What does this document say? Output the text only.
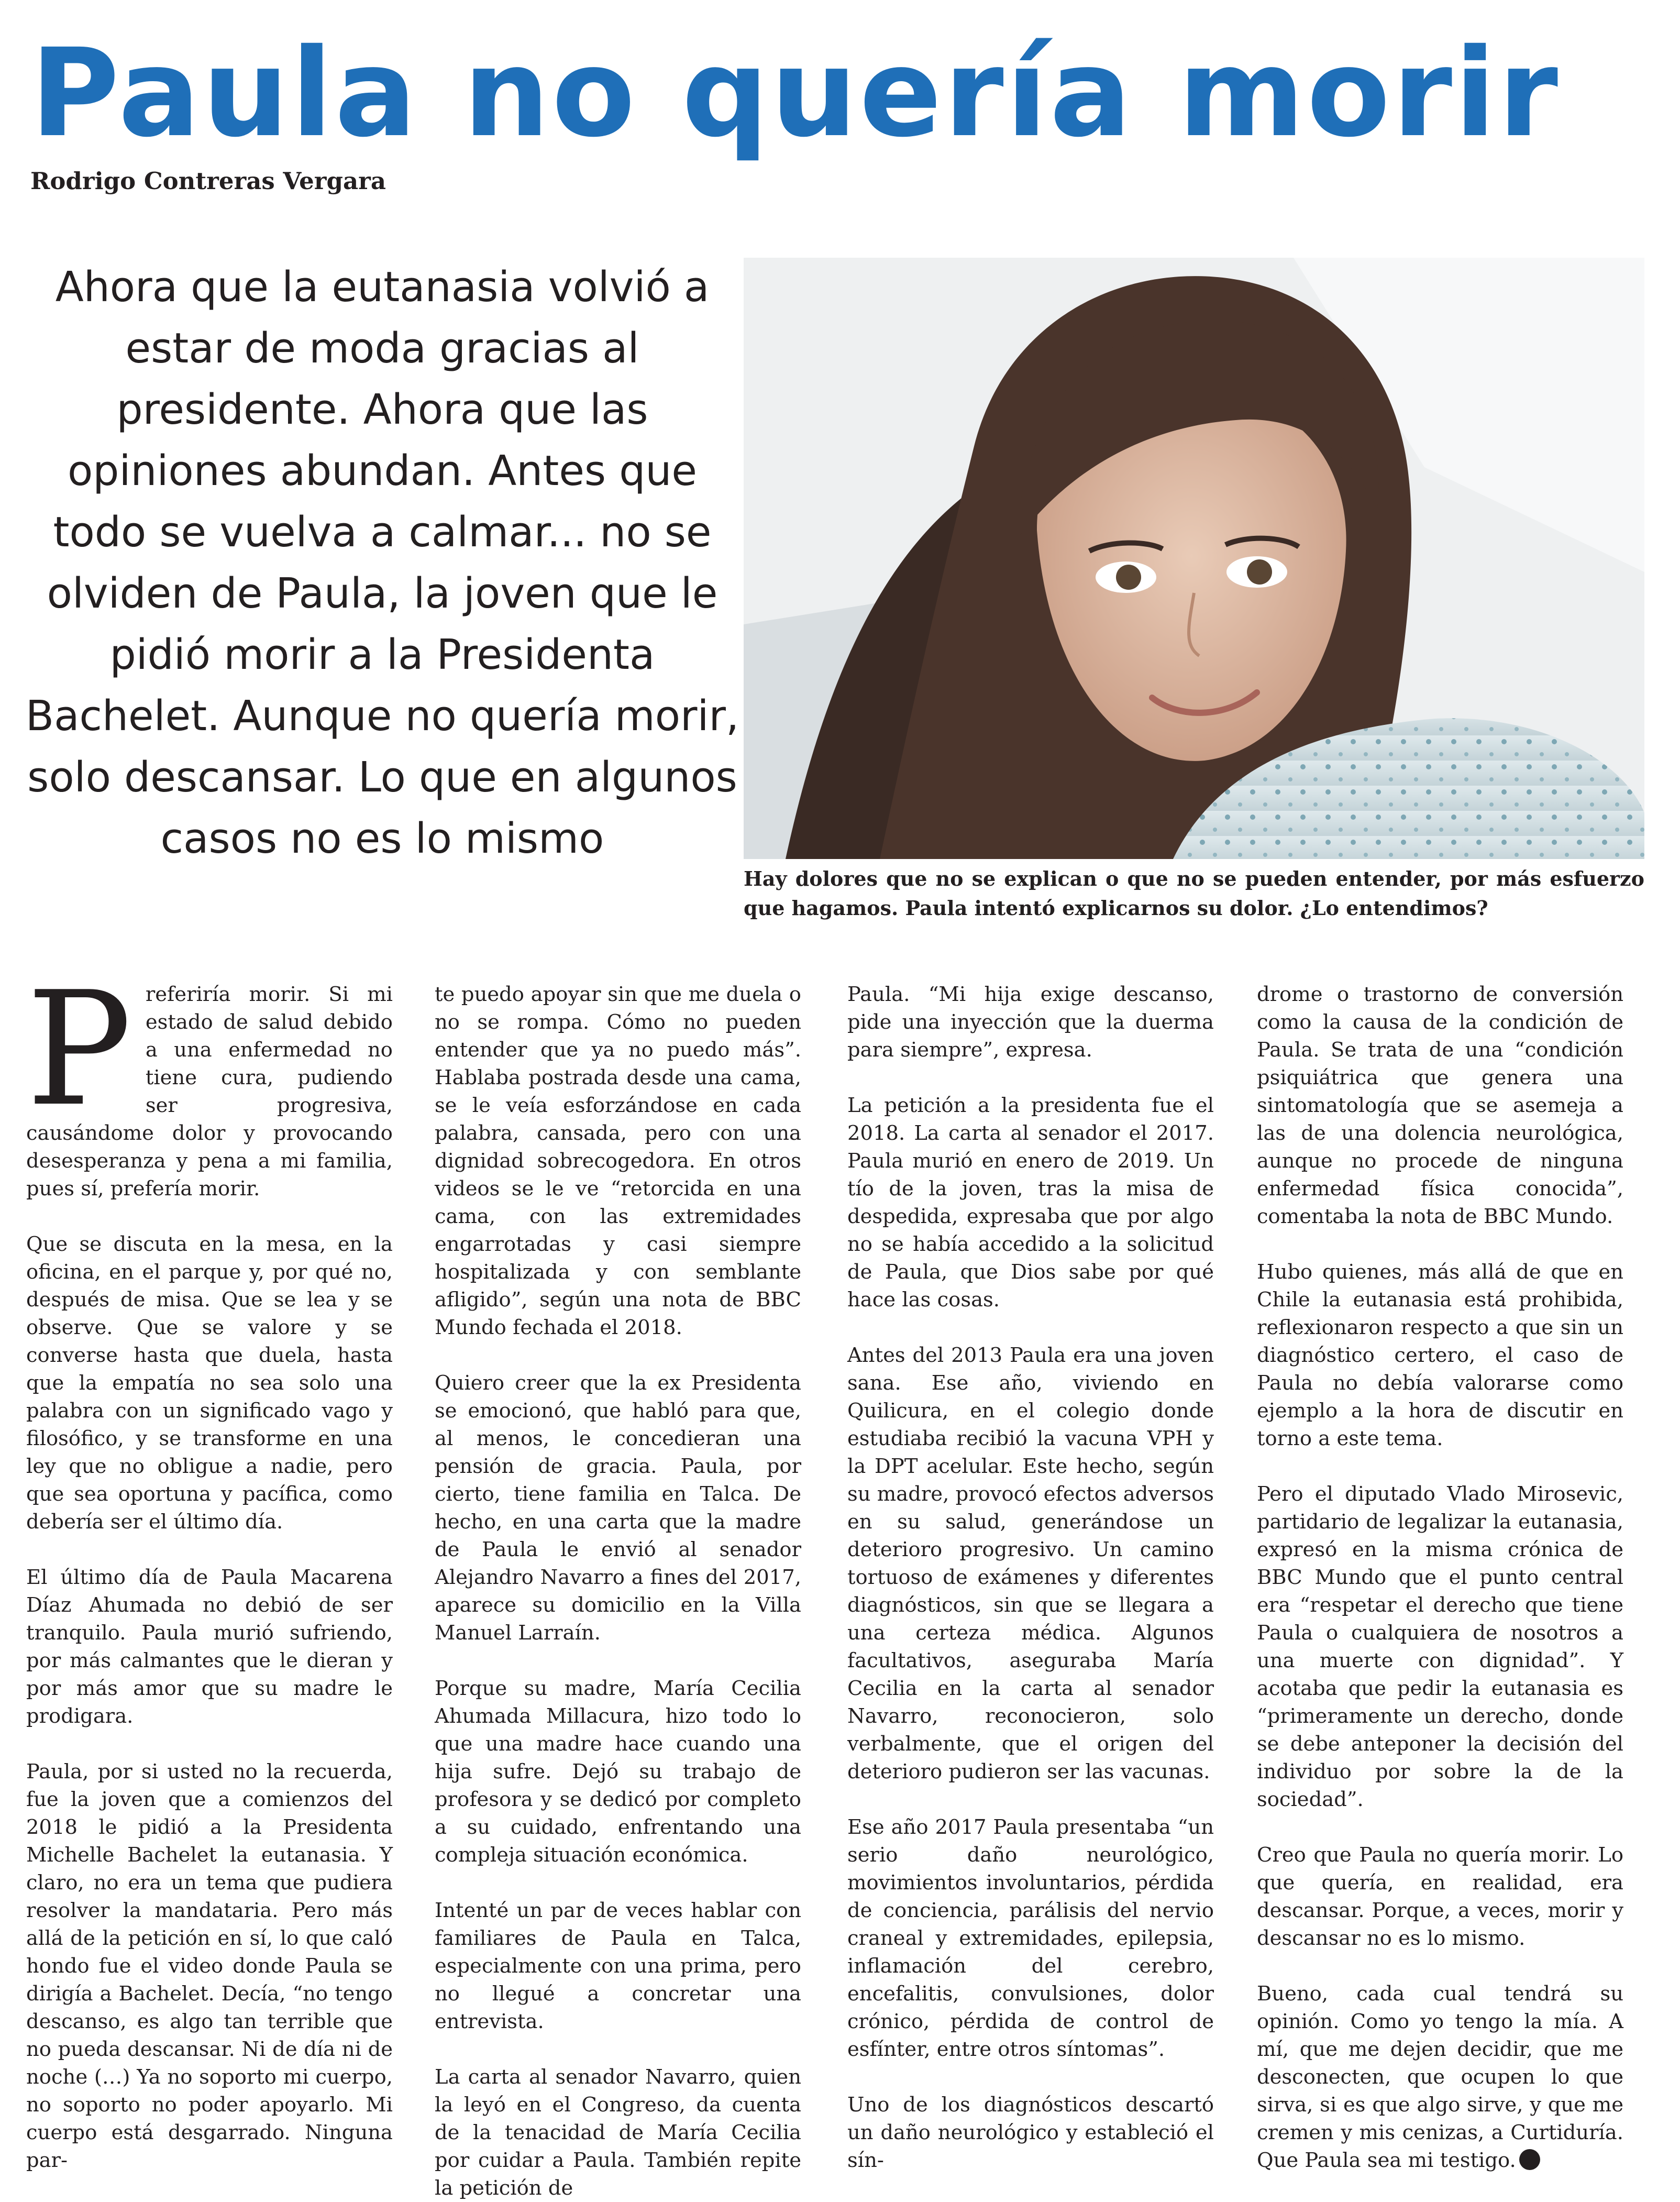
Paula no quería morir
Rodrigo Contreras Vergara

Ahora que la eutanasia volvió a estar de moda gracias al presidente. Ahora que las opiniones abundan. Antes que todo se vuelva a calmar... no se olviden de Paula, la joven que le pidió morir a la Presidenta Bachelet. Aunque no quería morir, solo descansar. Lo que en algunos casos no es lo mismo

Hay dolores que no se explican o que no se pueden entender, por más esfuerzo que hagamos. Paula intentó explicarnos su dolor. ¿Lo entendimos?

Preferiría morir. Si mi estado de salud debido a una enfermedad no tiene cura, pudiendo ser progresiva, causándome dolor y provocando desesperanza y pena a mi familia, pues sí, prefería morir.

Que se discuta en la mesa, en la oficina, en el parque y, por qué no, después de misa. Que se lea y se observe. Que se valore y se converse hasta que duela, hasta que la empatía no sea solo una palabra con un significado vago y filosófico, y se transforme en una ley que no obligue a nadie, pero que sea oportuna y pacífica, como debería ser el último día.

El último día de Paula Macarena Díaz Ahumada no debió de ser tranquilo. Paula murió sufriendo, por más calmantes que le dieran y por más amor que su madre le prodigara.

Paula, por si usted no la recuerda, fue la joven que a comienzos del 2018 le pidió a la Presidenta Michelle Bachelet la eutanasia. Y claro, no era un tema que pudiera resolver la mandataria. Pero más allá de la petición en sí, lo que caló hondo fue el video donde Paula se dirigía a Bachelet. Decía, “no tengo descanso, es algo tan terrible que no pueda descansar. Ni de día ni de noche (…) Ya no soporto mi cuerpo, no soporto no poder apoyarlo. Mi cuerpo está desgarrado. Ninguna par-

te puedo apoyar sin que me duela o no se rompa. Cómo no pueden entender que ya no puedo más”. Hablaba postrada desde una cama, se le veía esforzándose en cada palabra, cansada, pero con una dignidad sobrecogedora. En otros videos se le ve “retorcida en una cama, con las extremidades engarrotadas y casi siempre hospitalizada y con semblante afligido”, según una nota de BBC Mundo fechada el 2018.

Quiero creer que la ex Presidenta se emocionó, que habló para que, al menos, le concedieran una pensión de gracia. Paula, por cierto, tiene familia en Talca. De hecho, en una carta que la madre de Paula le envió al senador Alejandro Navarro a fines del 2017, aparece su domicilio en la Villa Manuel Larraín.

Porque su madre, María Cecilia Ahumada Millacura, hizo todo lo que una madre hace cuando una hija sufre. Dejó su trabajo de profesora y se dedicó por completo a su cuidado, enfrentando una compleja situación económica.

Intenté un par de veces hablar con familiares de Paula en Talca, especialmente con una prima, pero no llegué a concretar una entrevista.

La carta al senador Navarro, quien la leyó en el Congreso, da cuenta de la tenacidad de María Cecilia por cuidar a Paula. También repite la petición de

Paula. “Mi hija exige descanso, pide una inyección que la duerma para siempre”, expresa.

La petición a la presidenta fue el 2018. La carta al senador el 2017. Paula murió en enero de 2019. Un tío de la joven, tras la misa de despedida, expresaba que por algo no se había accedido a la solicitud de Paula, que Dios sabe por qué hace las cosas.

Antes del 2013 Paula era una joven sana. Ese año, viviendo en Quilicura, en el colegio donde estudiaba recibió la vacuna VPH y la DPT acelular. Este hecho, según su madre, provocó efectos adversos en su salud, generándose un deterioro progresivo. Un camino tortuoso de exámenes y diferentes diagnósticos, sin que se llegara a una certeza médica. Algunos facultativos, aseguraba María Cecilia en la carta al senador Navarro, reconocieron, solo verbalmente, que el origen del deterioro pudieron ser las vacunas.

Ese año 2017 Paula presentaba “un serio daño neurológico, movimientos involuntarios, pérdida de conciencia, parálisis del nervio craneal y extremidades, epilepsia, inflamación del cerebro, encefalitis, convulsiones, dolor crónico, pérdida de control de esfínter, entre otros síntomas”.

Uno de los diagnósticos descartó un daño neurológico y estableció el sín-

drome o trastorno de conversión como la causa de la condición de Paula. Se trata de una “condición psiquiátrica que genera una sintomatología que se asemeja a las de una dolencia neurológica, aunque no procede de ninguna enfermedad física conocida”, comentaba la nota de BBC Mundo.

Hubo quienes, más allá de que en Chile la eutanasia está prohibida, reflexionaron respecto a que sin un diagnóstico certero, el caso de Paula no debía valorarse como ejemplo a la hora de discutir en torno a este tema.

Pero el diputado Vlado Mirosevic, partidario de legalizar la eutanasia, expresó en la misma crónica de BBC Mundo que el punto central era “respetar el derecho que tiene Paula o cualquiera de nosotros a una muerte con dignidad”. Y acotaba que pedir la eutanasia es “primeramente un derecho, donde se debe anteponer la decisión del individuo por sobre la de la sociedad”.

Creo que Paula no quería morir. Lo que quería, en realidad, era descansar. Porque, a veces, morir y descansar no es lo mismo.

Bueno, cada cual tendrá su opinión. Como yo tengo la mía. A mí, que me dejen decidir, que me desconecten, que ocupen lo que sirva, si es que algo sirve, y que me cremen y mis cenizas, a Curtiduría. Que Paula sea mi testigo.
